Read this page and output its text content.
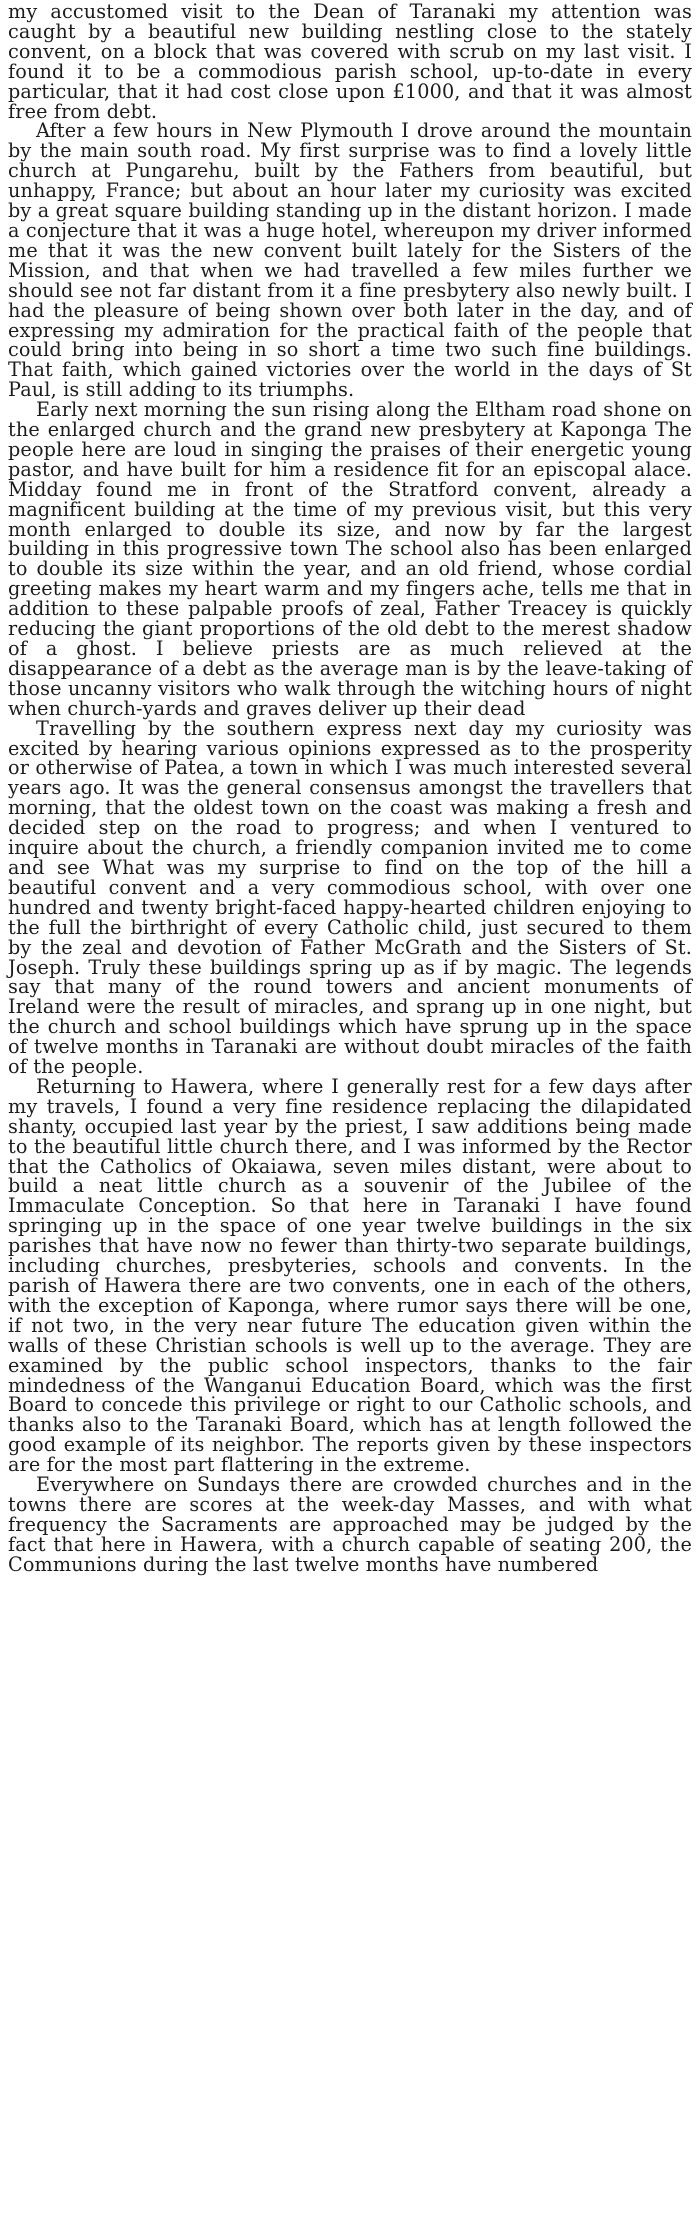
my accustomed visit to the Dean of Taranaki my attention was caught by a beautiful new building nestling close to the stately convent, on a block that was covered with scrub on my last visit. I found it to be a commodious parish school, up-to-date in every particular, that it had cost close upon £1000, and that it was almost free from debt.

After a few hours in New Plymouth I drove around the mountain by the main south road. My first surprise was to find a lovely little church at Pungarehu, built by the Fathers from beautiful, but unhappy, France; but about an hour later my curiosity was excited by a great square building standing up in the distant horizon. I made a conjecture that it was a huge hotel, whereupon my driver informed me that it was the new convent built lately for the Sisters of the Mission, and that when we had travelled a few miles further we should see not far distant from it a fine presbytery also newly built. I had the pleasure of being shown over both later in the day, and of expressing my admiration for the practical faith of the people that could bring into being in so short a time two such fine buildings. That faith, which gained victories over the world in the days of St Paul, is still adding to its triumphs.

Early next morning the sun rising along the Eltham road shone on the enlarged church and the grand new presbytery at Kaponga The people here are loud in singing the praises of their energetic young pastor, and have built for him a residence fit for an episcopal alace. Midday found me in front of the Stratford convent, already a magnificent building at the time of my previous visit, but this very month enlarged to double its size, and now by far the largest building in this progressive town The school also has been enlarged to double its size within the year, and an old friend, whose cordial greeting makes my heart warm and my fingers ache, tells me that in addition to these palpable proofs of zeal, Father Treacey is quickly reducing the giant proportions of the old debt to the merest shadow of a ghost. I believe priests are as much relieved at the disappearance of a debt as the average man is by the leave-taking of those uncanny visitors who walk through the witching hours of night when church-yards and graves deliver up their dead

Travelling by the southern express next day my curiosity was excited by hearing various opinions expressed as to the prosperity or otherwise of Patea, a town in which I was much interested several years ago. It was the general consensus amongst the travellers that morning, that the oldest town on the coast was making a fresh and decided step on the road to progress; and when I ventured to inquire about the church, a friendly companion invited me to come and see What was my surprise to find on the top of the hill a beautiful convent and a very commodious school, with over one hundred and twenty bright-faced happy-hearted children enjoying to the full the birthright of every Catholic child, just secured to them by the zeal and devotion of Father McGrath and the Sisters of St. Joseph. Truly these buildings spring up as if by magic. The legends say that many of the round towers and ancient monuments of Ireland were the result of miracles, and sprang up in one night, but the church and school buildings which have sprung up in the space of twelve months in Taranaki are without doubt miracles of the faith of the people.

Returning to Hawera, where I generally rest for a few days after my travels, I found a very fine residence replacing the dilapidated shanty, occupied last year by the priest, I saw additions being made to the beautiful little church there, and I was informed by the Rector that the Catholics of Okaiawa, seven miles distant, were about to build a neat little church as a souvenir of the Jubilee of the Immaculate Conception. So that here in Taranaki I have found springing up in the space of one year twelve buildings in the six parishes that have now no fewer than thirty-two separate buildings, including churches, presbyteries, schools and convents. In the parish of Hawera there are two convents, one in each of the others, with the exception of Kaponga, where rumor says there will be one, if not two, in the very near future The education given within the walls of these Christian schools is well up to the average. They are examined by the public school inspectors, thanks to the fair mindedness of the Wanganui Education Board, which was the first Board to concede this privilege or right to our Catholic schools, and thanks also to the Taranaki Board, which has at length followed the good example of its neighbor. The reports given by these inspectors are for the most part flattering in the extreme.

Everywhere on Sundays there are crowded churches and in the towns there are scores at the week-day Masses, and with what frequency the Sacraments are approached may be judged by the fact that here in Hawera, with a church capable of seating 200, the Communions during the last twelve months have numbered
